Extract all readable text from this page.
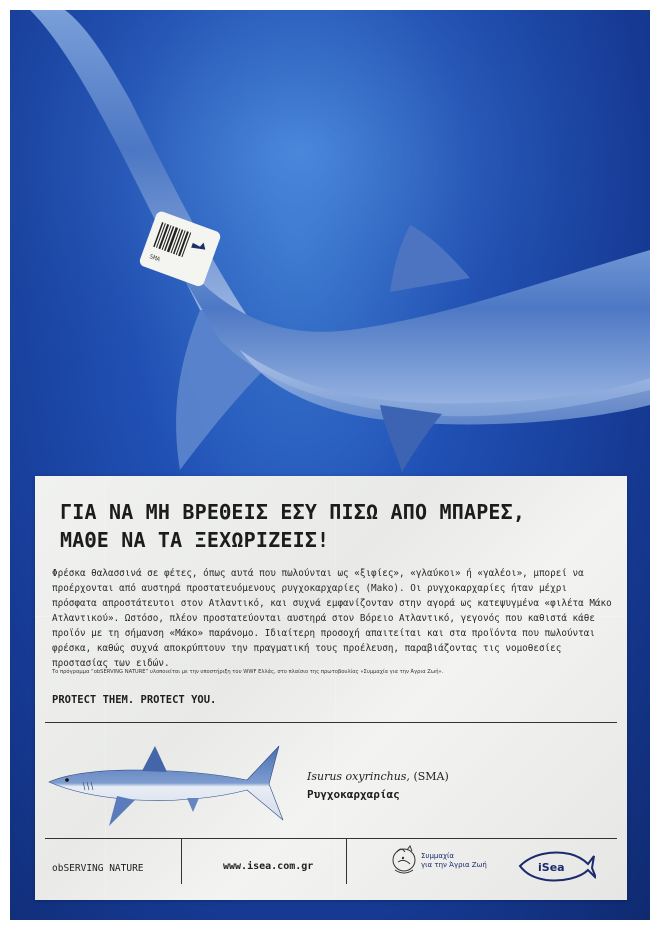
SMA
ΓΙΑ ΝΑ ΜΗ ΒΡΕΘΕΙΣ ΕΣΥ ΠΙΣΩ ΑΠΟ ΜΠΑΡΕΣ,
ΜΑΘΕ ΝΑ ΤΑ ΞΕΧΩΡΙΖΕΙΣ!

Φρέσκα θαλασσινά σε φέτες, όπως αυτά που πωλούνται ως «ξιφίες», «γλαύκοι» ή «γαλέοι», μπορεί να προέρχονται από αυστηρά προστατευόμενους ρυγχοκαρχαρίες (Mako). Οι ρυγχοκαρχαρίες ήταν μέχρι πρόσφατα απροστάτευτοι στον Ατλαντικό, και συχνά εμφανίζονταν στην αγορά ως κατεψυγμένα «φιλέτα Μάκο Ατλαντικού». Ωστόσο, πλέον προστατεύονται αυστηρά στον Βόρειο Ατλαντικό, γεγονός που καθιστά κάθε προϊόν με τη σήμανση «Μάκο» παράνομο. Ιδιαίτερη προσοχή απαιτείται και στα προϊόντα που πωλούνται φρέσκα, καθώς συχνά αποκρύπτουν την πραγματική τους προέλευση, παραβιάζοντας τις νομοθεσίες προστασίας των ειδών.

Το πρόγραμμα “obSERVING NATURE” υλοποιείται με την υποστήριξη του WWF Ελλάς, στο πλαίσιο της πρωτοβουλίας «Συμμαχία για την Άγρια Ζωή».

PROTECT THEM. PROTECT YOU.
Isurus oxyrinchus, (SMA)
Ρυγχοκαρχαρίας
obSERVING NATURE	www.isea.com.gr
Συμμαχία
για την Άγρια Ζωή	iSea
